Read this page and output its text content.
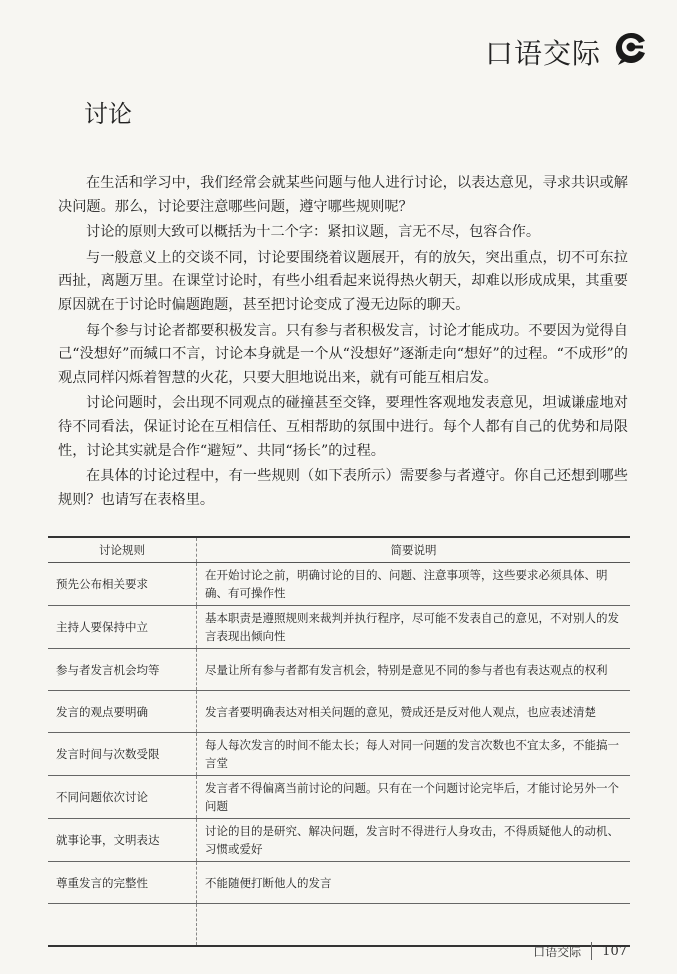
口语交际
讨论

在生活和学习中，我们经常会就某些问题与他人进行讨论，以表达意见，寻求共识或解决问题。那么，讨论要注意哪些问题，遵守哪些规则呢？

讨论的原则大致可以概括为十二个字：紧扣议题，言无不尽，包容合作。

与一般意义上的交谈不同，讨论要围绕着议题展开，有的放矢，突出重点，切不可东拉西扯，离题万里。在课堂讨论时，有些小组看起来说得热火朝天，却难以形成成果，其重要原因就在于讨论时偏题跑题，甚至把讨论变成了漫无边际的聊天。

每个参与讨论者都要积极发言。只有参与者积极发言，讨论才能成功。不要因为觉得自己“没想好”而缄口不言，讨论本身就是一个从“没想好”逐渐走向“想好”的过程。“不成形”的观点同样闪烁着智慧的火花，只要大胆地说出来，就有可能互相启发。

讨论问题时，会出现不同观点的碰撞甚至交锋，要理性客观地发表意见，坦诚谦虚地对待不同看法，保证讨论在互相信任、互相帮助的氛围中进行。每个人都有自己的优势和局限性，讨论其实就是合作“避短”、共同“扬长”的过程。

在具体的讨论过程中，有一些规则（如下表所示）需要参与者遵守。你自己还想到哪些规则？也请写在表格里。

讨论规则	简要说明
预先公布相关要求	在开始讨论之前，明确讨论的目的、问题、注意事项等，这些要求必须具体、明确、有可操作性
主持人要保持中立	基本职责是遵照规则来裁判并执行程序，尽可能不发表自己的意见，不对别人的发言表现出倾向性
参与者发言机会均等	尽量让所有参与者都有发言机会，特别是意见不同的参与者也有表达观点的权利
发言的观点要明确	发言者要明确表达对相关问题的意见，赞成还是反对他人观点，也应表述清楚
发言时间与次数受限	每人每次发言的时间不能太长；每人对同一问题的发言次数也不宜太多，不能搞一言堂
不同问题依次讨论	发言者不得偏离当前讨论的问题。只有在一个问题讨论完毕后，才能讨论另外一个问题
就事论事，文明表达	讨论的目的是研究、解决问题，发言时不得进行人身攻击，不得质疑他人的动机、习惯或爱好
尊重发言的完整性	不能随便打断他人的发言

口语交际 107
